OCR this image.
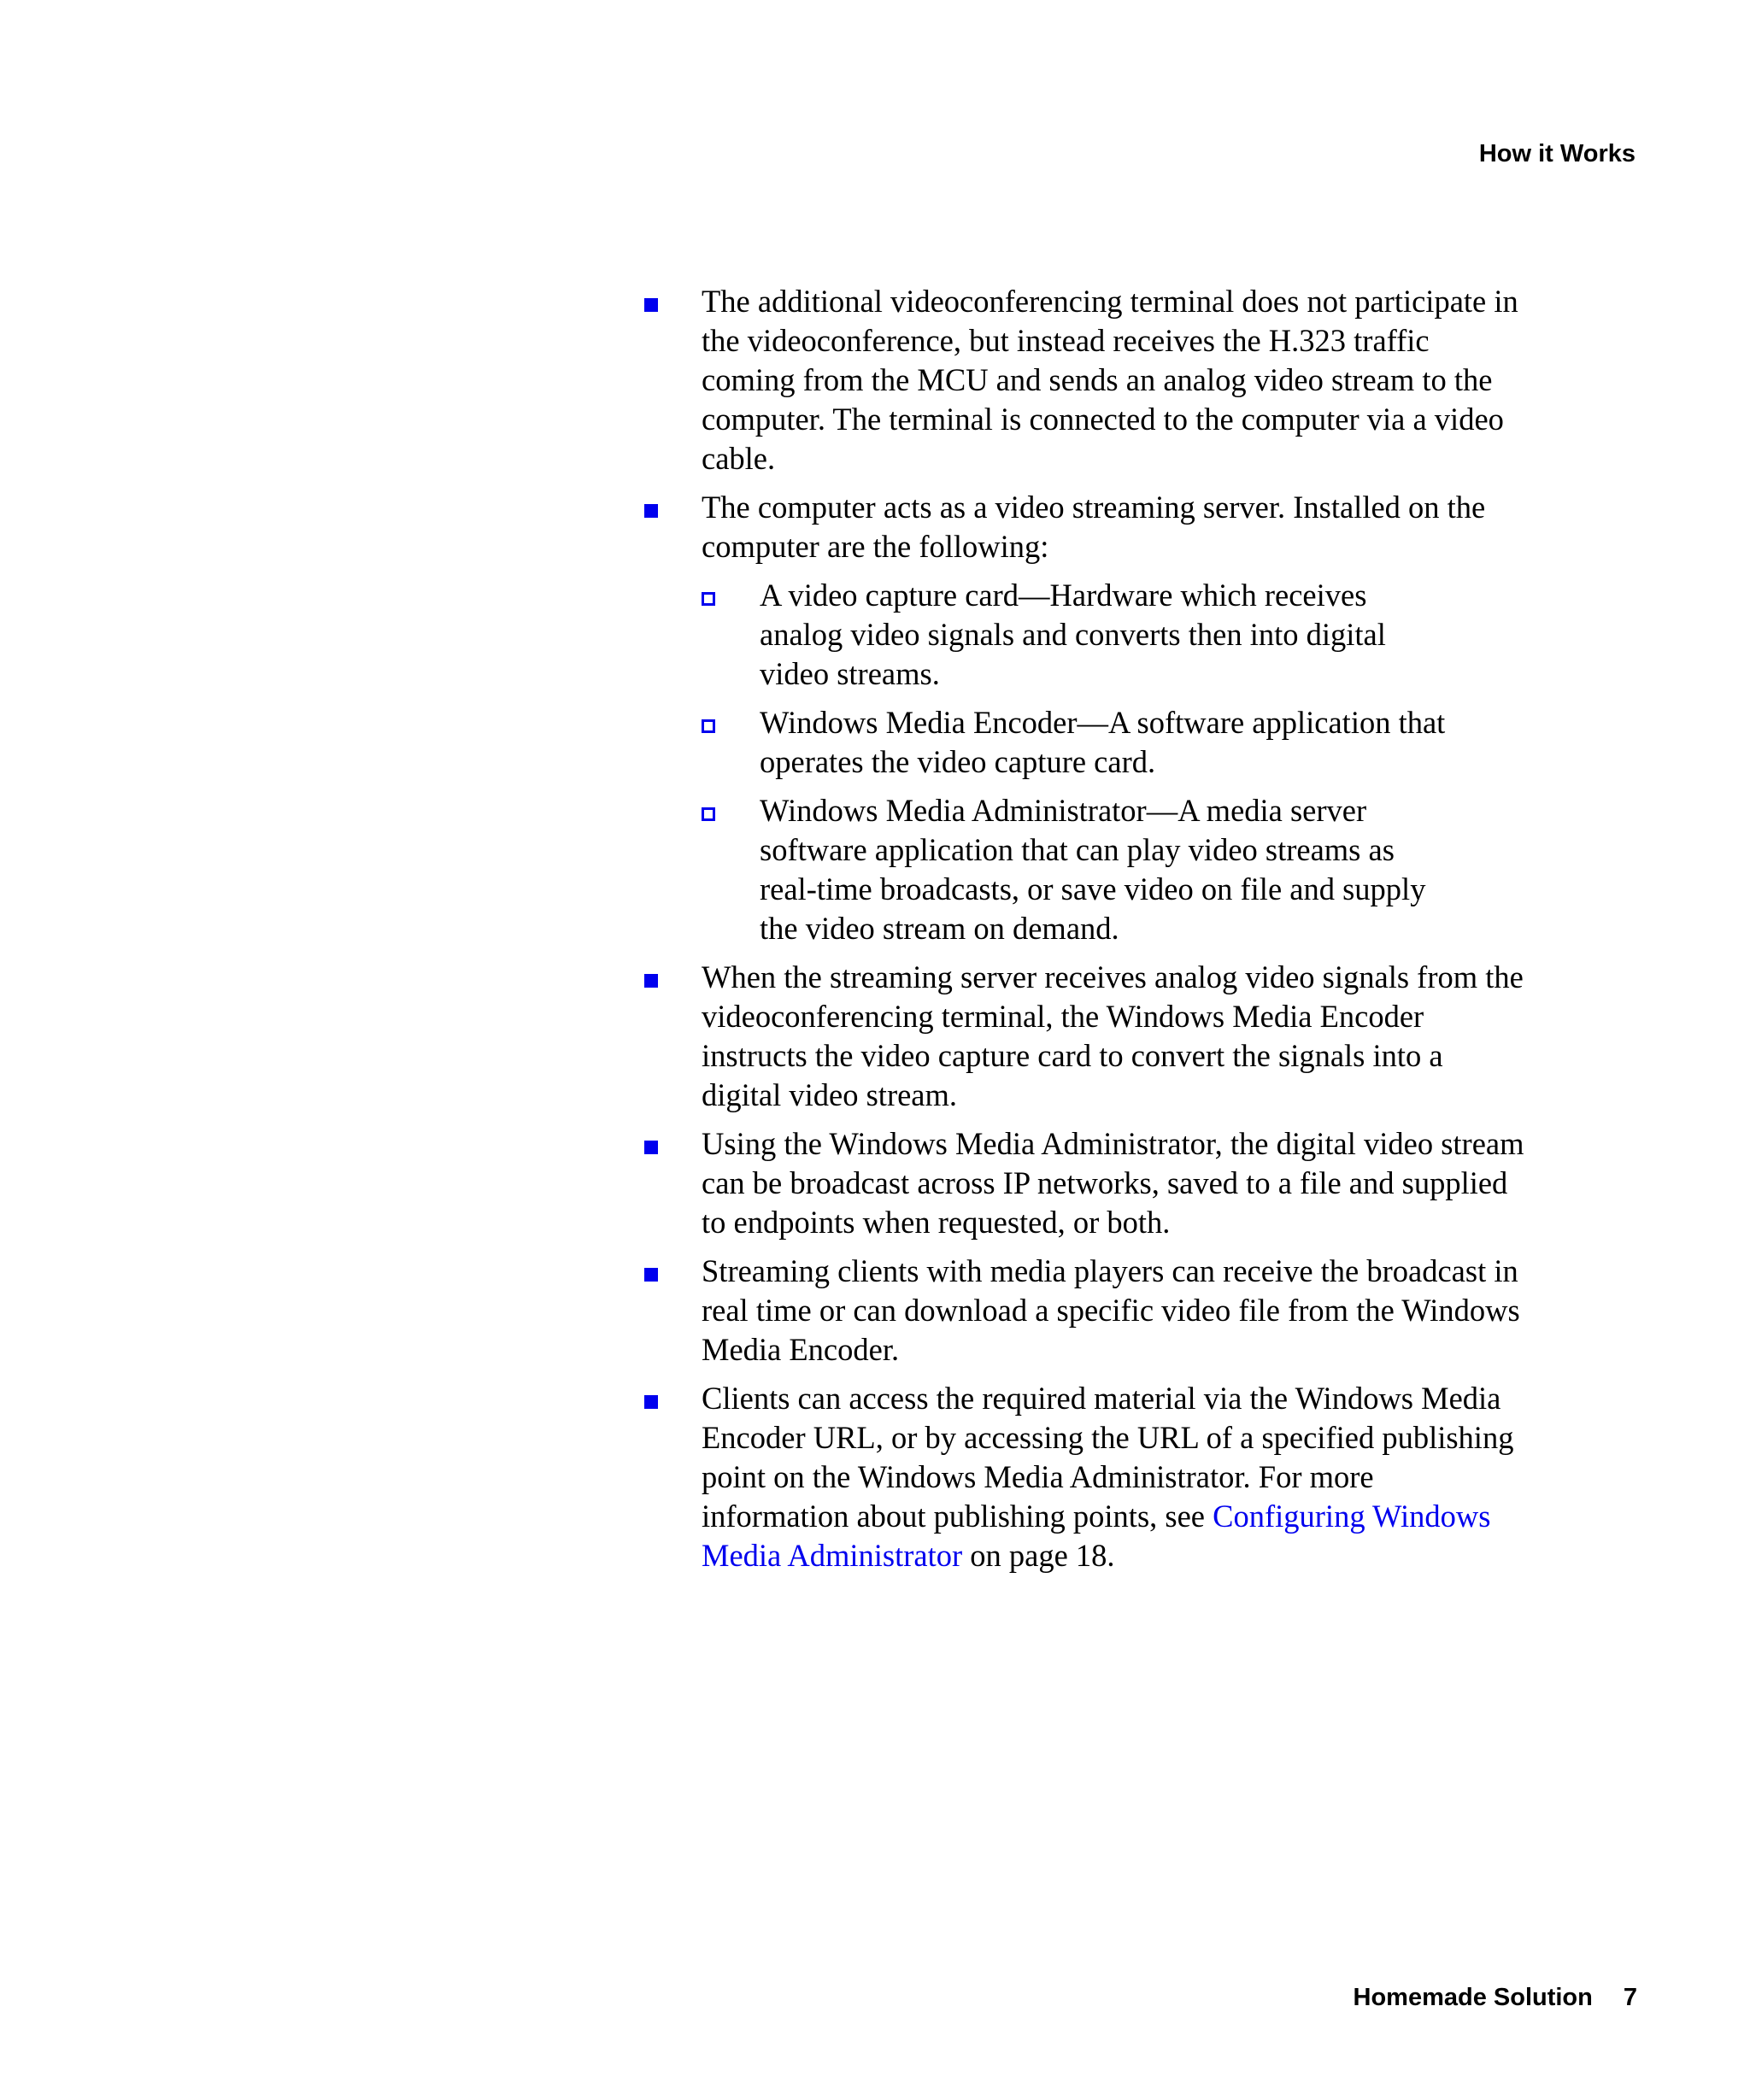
How it Works
The additional videoconferencing terminal does not participate in the videoconference, but instead receives the H.323 traffic coming from the MCU and sends an analog video stream to the computer. The terminal is connected to the computer via a video cable.
The computer acts as a video streaming server. Installed on the computer are the following:
A video capture card—Hardware which receives analog video signals and converts then into digital video streams.
Windows Media Encoder—A software application that operates the video capture card.
Windows Media Administrator—A media server software application that can play video streams as real-time broadcasts, or save video on file and supply the video stream on demand.
When the streaming server receives analog video signals from the videoconferencing terminal, the Windows Media Encoder instructs the video capture card to convert the signals into a digital video stream.
Using the Windows Media Administrator, the digital video stream can be broadcast across IP networks, saved to a file and supplied to endpoints when requested, or both.
Streaming clients with media players can receive the broadcast in real time or can download a specific video file from the Windows Media Encoder.
Clients can access the required material via the Windows Media Encoder URL, or by accessing the URL of a specified publishing point on the Windows Media Administrator. For more information about publishing points, see Configuring Windows Media Administrator on page 18.
Homemade Solution 7
